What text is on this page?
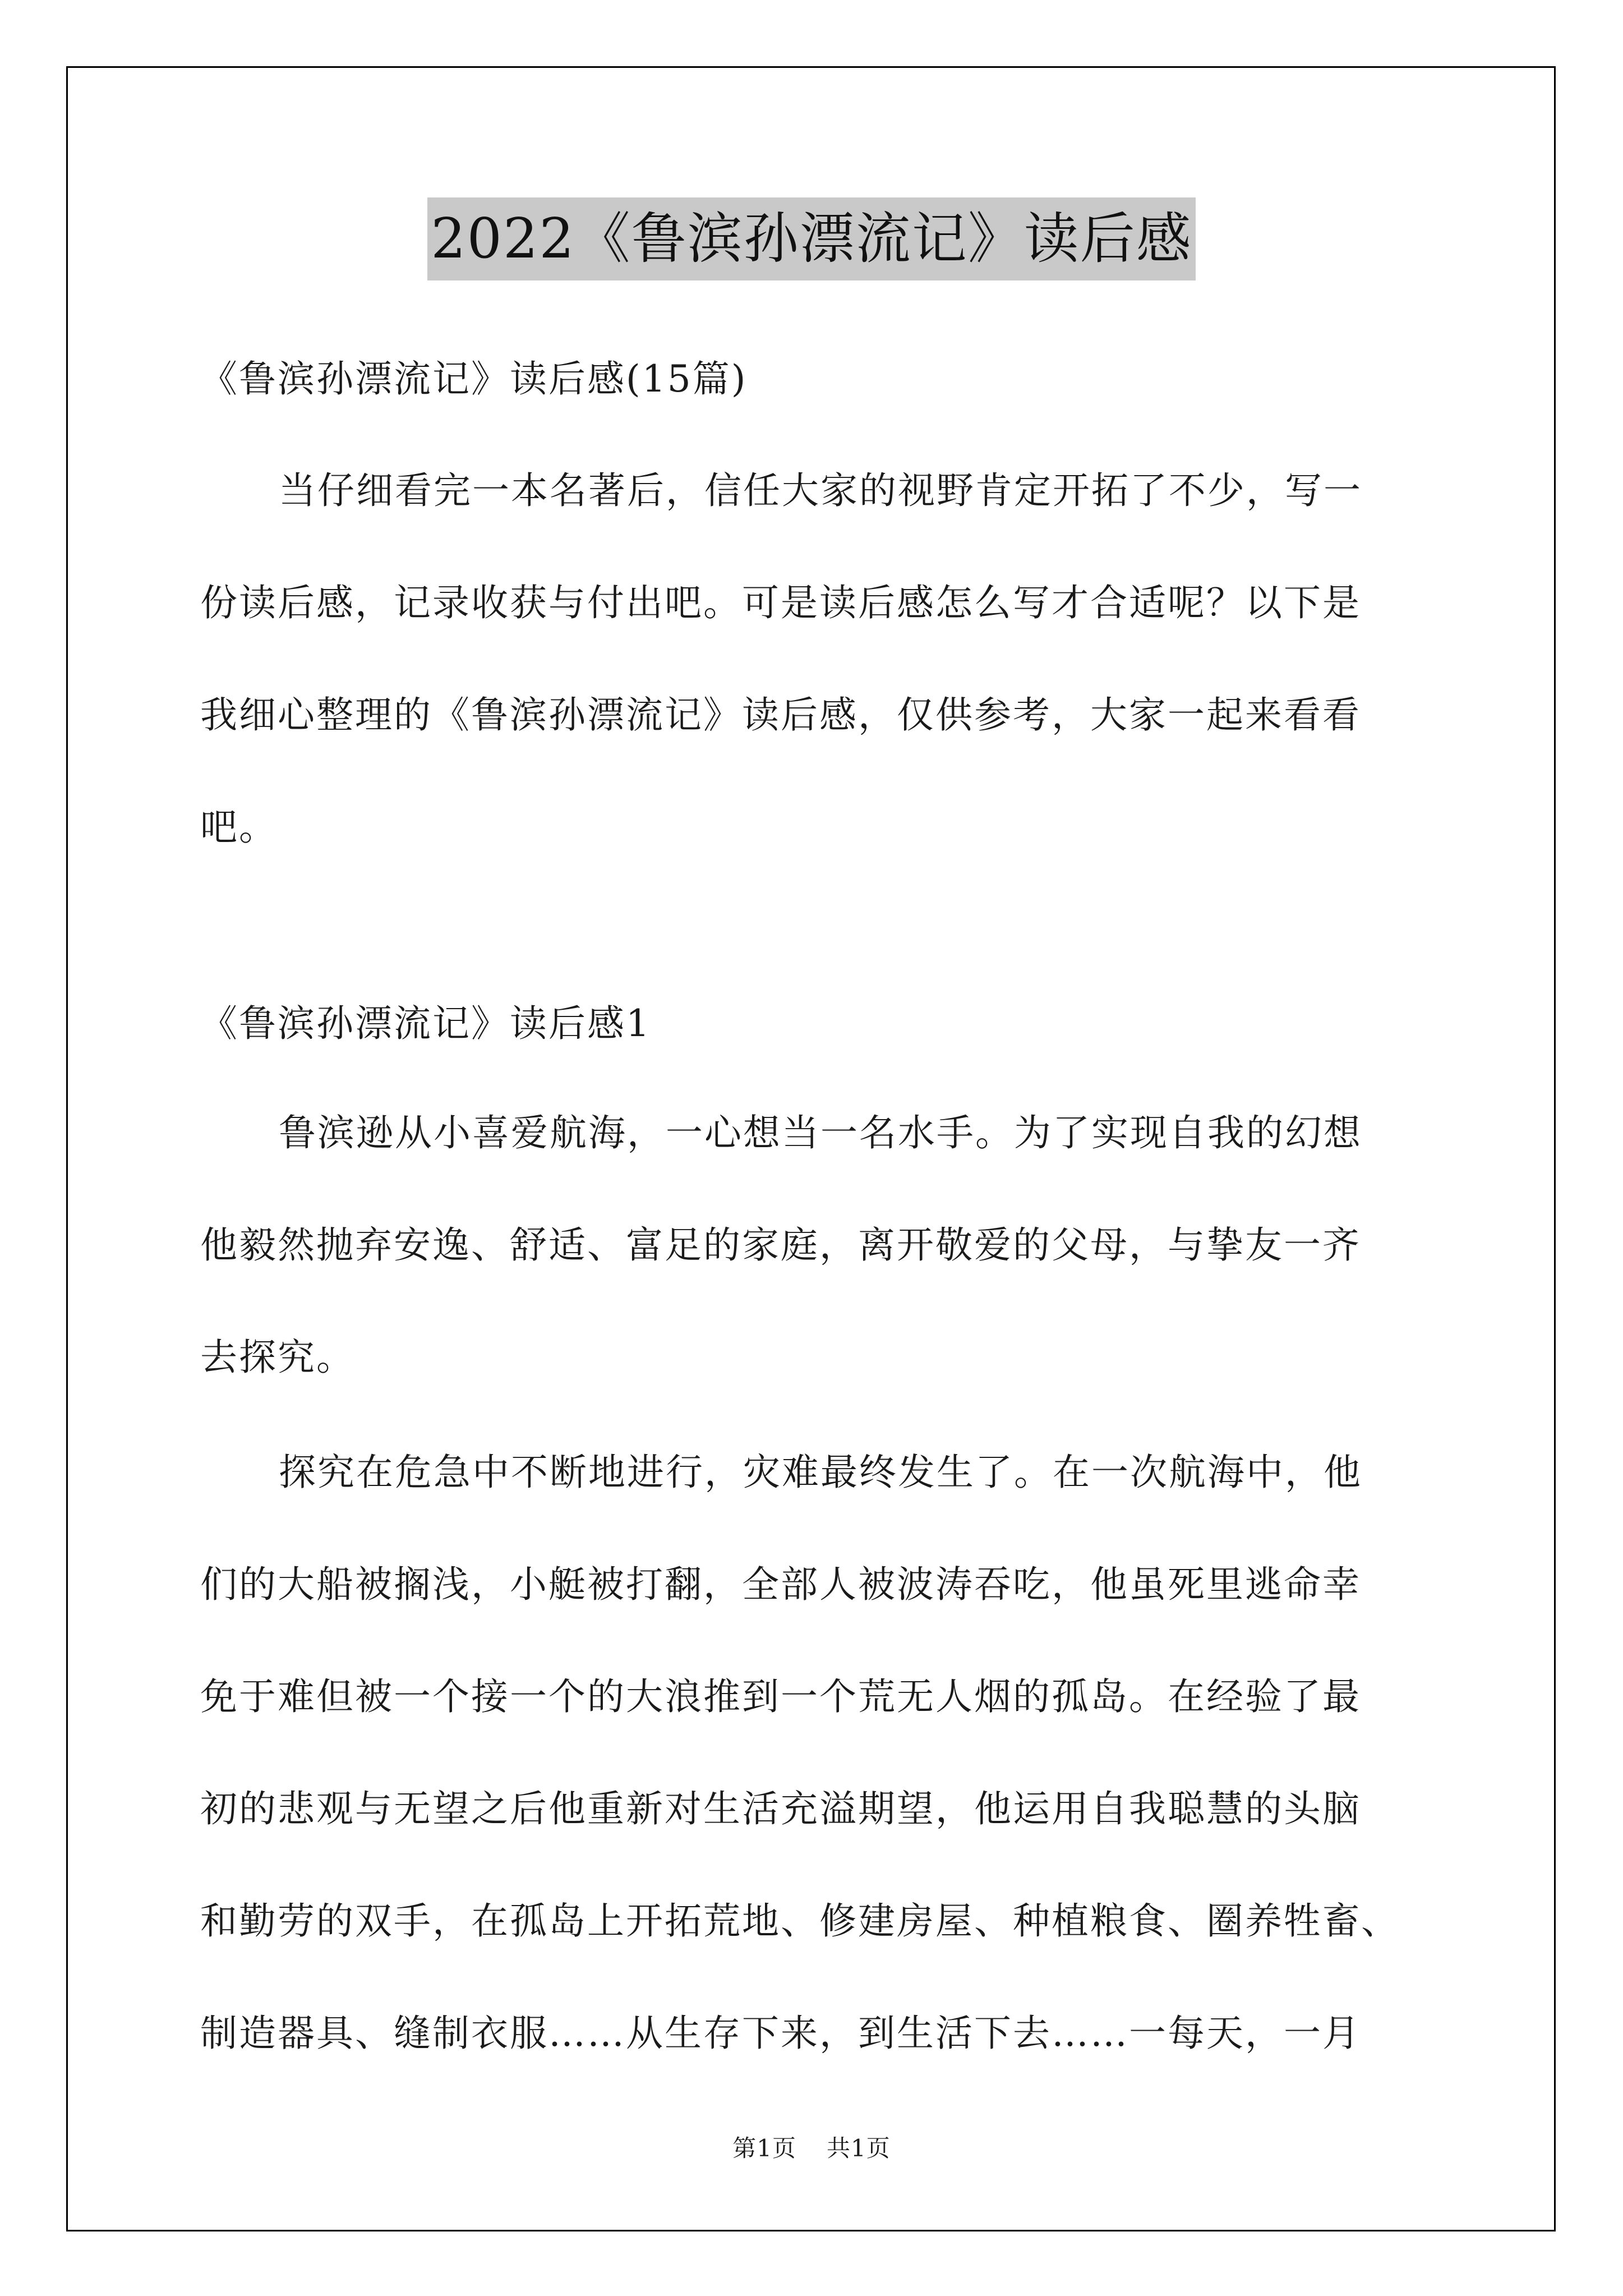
2022《鲁滨孙漂流记》读后感
《鲁滨孙漂流记》读后感(15篇)
当仔细看完一本名著后，信任大家的视野肯定开拓了不少，写一
份读后感，记录收获与付出吧。可是读后感怎么写才合适呢？以下是
我细心整理的《鲁滨孙漂流记》读后感，仅供参考，大家一起来看看
吧。
《鲁滨孙漂流记》读后感1
鲁滨逊从小喜爱航海，一心想当一名水手。为了实现自我的幻想
他毅然抛弃安逸、舒适、富足的家庭，离开敬爱的父母，与挚友一齐
去探究。
探究在危急中不断地进行，灾难最终发生了。在一次航海中，他
们的大船被搁浅，小艇被打翻，全部人被波涛吞吃，他虽死里逃命幸
免于难但被一个接一个的大浪推到一个荒无人烟的孤岛。在经验了最
初的悲观与无望之后他重新对生活充溢期望，他运用自我聪慧的头脑
和勤劳的双手，在孤岛上开拓荒地、修建房屋、种植粮食、圈养牲畜、
制造器具、缝制衣服……从生存下来，到生活下去……一每天，一月
第1页 共1页
